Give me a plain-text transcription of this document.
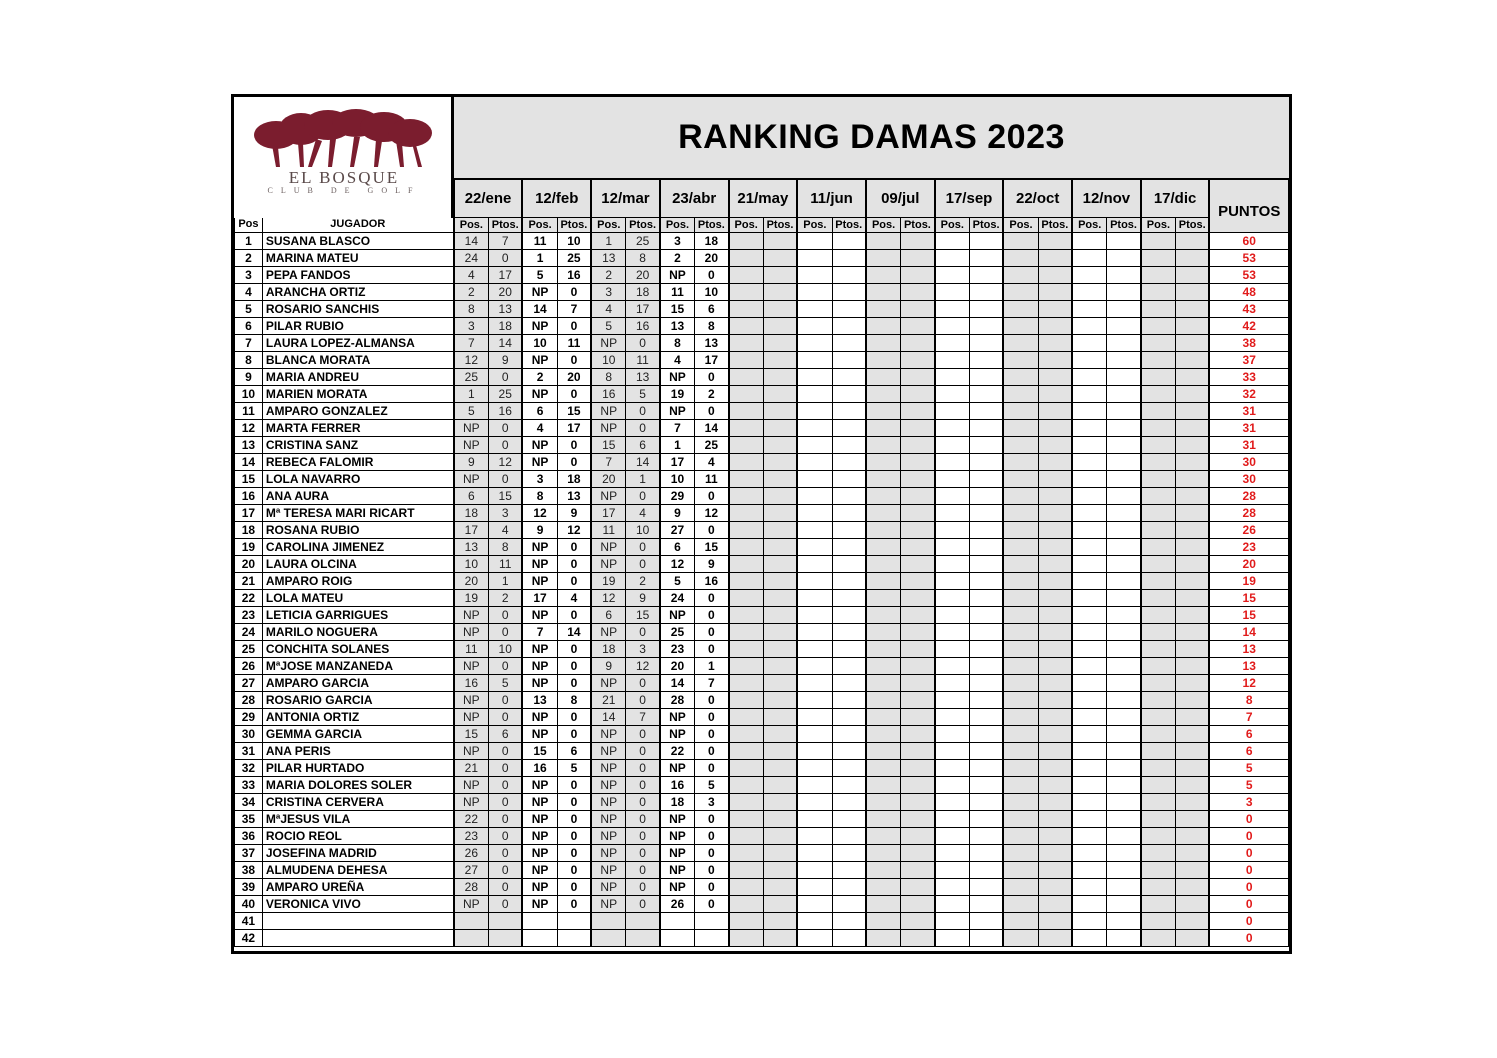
EL BOSQUE
CLUB DE GOLF
RANKING DAMAS 2023
		22/ene		12/feb		12/mar		23/abr		21/may		11/jun		09/jul		17/sep		22/oct		12/nov		17/dic		PUNTOS
Pos	JUGADOR	Pos.	Ptos.	Pos.	Ptos.	Pos.	Ptos.	Pos.	Ptos.	Pos.	Ptos.	Pos.	Ptos.	Pos.	Ptos.	Pos.	Ptos.	Pos.	Ptos.	Pos.	Ptos.	Pos.	Ptos.	
1	SUSANA BLASCO	14	7	11	10	1	25	3	18															60
2	MARINA MATEU	24	0	1	25	13	8	2	20															53
3	PEPA FANDOS	4	17	5	16	2	20	NP	0															53
4	ARANCHA ORTIZ	2	20	NP	0	3	18	11	10															48
5	ROSARIO SANCHIS	8	13	14	7	4	17	15	6															43
6	PILAR RUBIO	3	18	NP	0	5	16	13	8															42
7	LAURA LOPEZ-ALMANSA	7	14	10	11	NP	0	8	13															38
8	BLANCA MORATA	12	9	NP	0	10	11	4	17															37
9	MARIA ANDREU	25	0	2	20	8	13	NP	0															33
10	MARIEN MORATA	1	25	NP	0	16	5	19	2															32
11	AMPARO GONZALEZ	5	16	6	15	NP	0	NP	0															31
12	MARTA FERRER	NP	0	4	17	NP	0	7	14															31
13	CRISTINA SANZ	NP	0	NP	0	15	6	1	25															31
14	REBECA FALOMIR	9	12	NP	0	7	14	17	4															30
15	LOLA NAVARRO	NP	0	3	18	20	1	10	11															30
16	ANA AURA	6	15	8	13	NP	0	29	0															28
17	Mª TERESA MARI RICART	18	3	12	9	17	4	9	12															28
18	ROSANA RUBIO	17	4	9	12	11	10	27	0															26
19	CAROLINA JIMENEZ	13	8	NP	0	NP	0	6	15															23
20	LAURA OLCINA	10	11	NP	0	NP	0	12	9															20
21	AMPARO ROIG	20	1	NP	0	19	2	5	16															19
22	LOLA MATEU	19	2	17	4	12	9	24	0															15
23	LETICIA GARRIGUES	NP	0	NP	0	6	15	NP	0															15
24	MARILO NOGUERA	NP	0	7	14	NP	0	25	0															14
25	CONCHITA SOLANES	11	10	NP	0	18	3	23	0															13
26	MªJOSE MANZANEDA	NP	0	NP	0	9	12	20	1															13
27	AMPARO GARCIA	16	5	NP	0	NP	0	14	7															12
28	ROSARIO GARCIA	NP	0	13	8	21	0	28	0															8
29	ANTONIA ORTIZ	NP	0	NP	0	14	7	NP	0															7
30	GEMMA GARCIA	15	6	NP	0	NP	0	NP	0															6
31	ANA PERIS	NP	0	15	6	NP	0	22	0															6
32	PILAR HURTADO	21	0	16	5	NP	0	NP	0															5
33	MARIA DOLORES SOLER	NP	0	NP	0	NP	0	16	5															5
34	CRISTINA CERVERA	NP	0	NP	0	NP	0	18	3															3
35	MªJESUS VILA	22	0	NP	0	NP	0	NP	0															0
36	ROCIO REOL	23	0	NP	0	NP	0	NP	0															0
37	JOSEFINA MADRID	26	0	NP	0	NP	0	NP	0															0
38	ALMUDENA DEHESA	27	0	NP	0	NP	0	NP	0															0
39	AMPARO UREÑA	28	0	NP	0	NP	0	NP	0															0
40	VERONICA VIVO	NP	0	NP	0	NP	0	26	0															0
41																								0
42																								0
